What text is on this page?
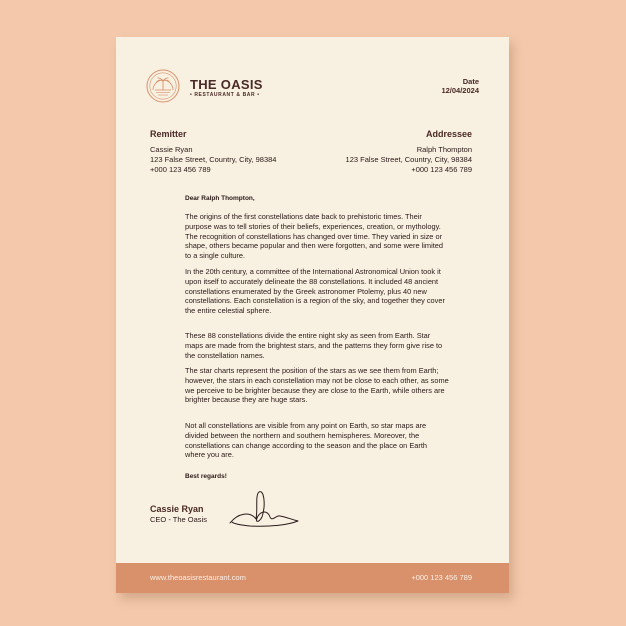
THE OASIS
• RESTAURANT & BAR •
Date
12/04/2024
Remitter
Cassie Ryan
123 False Street, Country, City, 98384
+000 123 456 789
Addressee
Ralph Thompton
123 False Street, Country, City, 98384
+000 123 456 789
Dear Ralph Thompton,

The origins of the first constellations date back to prehistoric times. Their purpose was to tell stories of their beliefs, experiences, creation, or mythology. The recognition of constellations has changed over time. They varied in size or shape, others became popular and then were forgotten, and some were limited to a single culture.

In the 20th century, a committee of the International Astronomical Union took it upon itself to accurately delineate the 88 constellations. It included 48 ancient constellations enumerated by the Greek astronomer Ptolemy, plus 40 new constellations. Each constellation is a region of the sky, and together they cover the entire celestial sphere.

These 88 constellations divide the entire night sky as seen from Earth. Star maps are made from the brightest stars, and the patterns they form give rise to the constellation names.

The star charts represent the position of the stars as we see them from Earth; however, the stars in each constellation may not be close to each other, as some we perceive to be brighter because they are close to the Earth, while others are brighter because they are huge stars.

Not all constellations are visible from any point on Earth, so star maps are divided between the northern and southern hemispheres. Moreover, the constellations can change according to the season and the place on Earth where you are.

Best regards!
Cassie Ryan
CEO - The Oasis
www.theoasisrestaurant.com	+000 123 456 789
